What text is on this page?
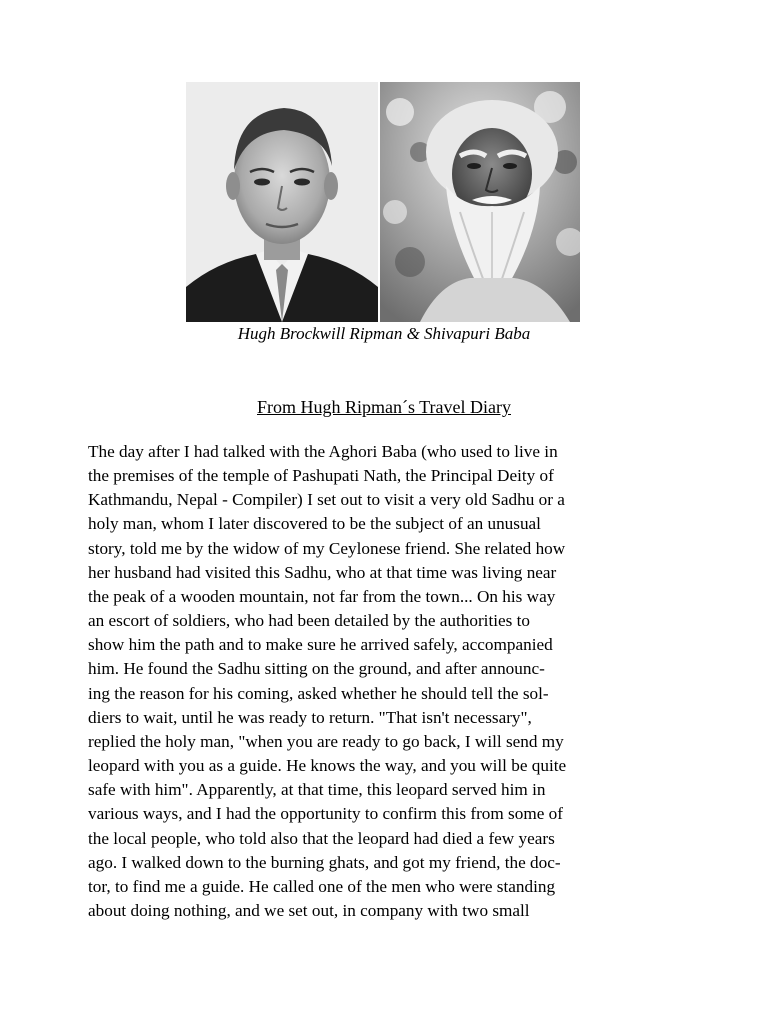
Hugh Brockwill Ripman & Shivapuri Baba
From Hugh Ripman´s Travel Diary
The day after I had talked with the Aghori Baba (who used to live in
the premises of the temple of Pashupati Nath, the Principal Deity of
Kathmandu, Nepal - Compiler) I set out to visit a very old Sadhu or a
holy man, whom I later discovered to be the subject of an unusual
story, told me by the widow of my Ceylonese friend. She related how
her husband had visited this Sadhu, who at that time was living near
the peak of a wooden mountain, not far from the town... On his way
an escort of soldiers, who had been detailed by the authorities to
show him the path and to make sure he arrived safely, accompanied
him. He found the Sadhu sitting on the ground, and after announc-
ing the reason for his coming, asked whether he should tell the sol-
diers to wait, until he was ready to return. "That isn't necessary",
replied the holy man, "when you are ready to go back, I will send my
leopard with you as a guide. He knows the way, and you will be quite
safe with him". Apparently, at that time, this leopard served him in
various ways, and I had the opportunity to confirm this from some of
the local people, who told also that the leopard had died a few years
ago. I walked down to the burning ghats, and got my friend, the doc-
tor, to find me a guide. He called one of the men who were standing
about doing nothing, and we set out, in company with two small
